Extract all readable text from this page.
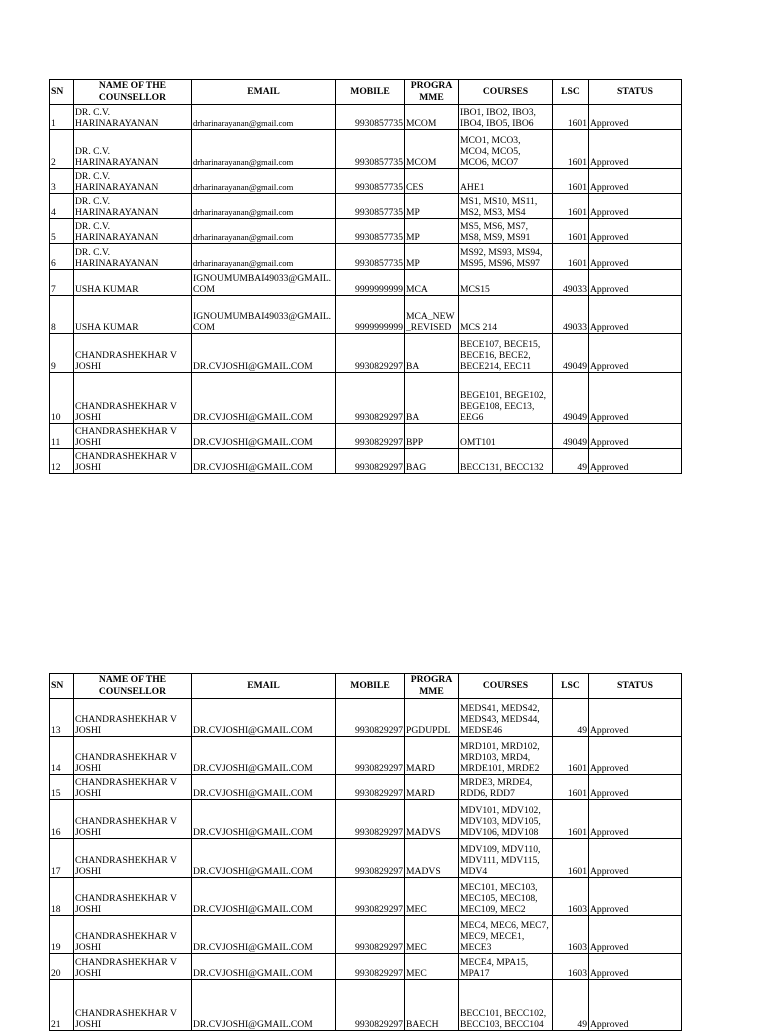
SN	NAME OF THE COUNSELLOR	EMAIL	MOBILE	PROGRA MME	COURSES	LSC	STATUS
1	DR. C.V. HARINARAYANAN	drharinarayanan@gmail.com	9930857735	MCOM	IBO1, IBO2, IBO3, IBO4, IBO5, IBO6	1601	Approved
2	DR. C.V. HARINARAYANAN	drharinarayanan@gmail.com	9930857735	MCOM	MCO1, MCO3, MCO4, MCO5, MCO6, MCO7	1601	Approved
3	DR. C.V. HARINARAYANAN	drharinarayanan@gmail.com	9930857735	CES	AHE1	1601	Approved
4	DR. C.V. HARINARAYANAN	drharinarayanan@gmail.com	9930857735	MP	MS1, MS10, MS11, MS2, MS3, MS4	1601	Approved
5	DR. C.V. HARINARAYANAN	drharinarayanan@gmail.com	9930857735	MP	MS5, MS6, MS7, MS8, MS9, MS91	1601	Approved
6	DR. C.V. HARINARAYANAN	drharinarayanan@gmail.com	9930857735	MP	MS92, MS93, MS94, MS95, MS96, MS97	1601	Approved
7	USHA KUMAR	IGNOUMUMBAI49033@GMAIL.COM	9999999999	MCA	MCS15	49033	Approved
8	USHA KUMAR	IGNOUMUMBAI49033@GMAIL.COM	9999999999	MCA_NEW_REVISED	MCS 214	49033	Approved
9	CHANDRASHEKHAR V JOSHI	DR.CVJOSHI@GMAIL.COM	9930829297	BA	BECE107, BECE15, BECE16, BECE2, BECE214, EEC11	49049	Approved
10	CHANDRASHEKHAR V JOSHI	DR.CVJOSHI@GMAIL.COM	9930829297	BA	BEGE101, BEGE102, BEGE108, EEC13, EEG6	49049	Approved
11	CHANDRASHEKHAR V JOSHI	DR.CVJOSHI@GMAIL.COM	9930829297	BPP	OMT101	49049	Approved
12	CHANDRASHEKHAR V JOSHI	DR.CVJOSHI@GMAIL.COM	9930829297	BAG	BECC131, BECC132	49	Approved
SN	NAME OF THE COUNSELLOR	EMAIL	MOBILE	PROGRA MME	COURSES	LSC	STATUS
13	CHANDRASHEKHAR V JOSHI	DR.CVJOSHI@GMAIL.COM	9930829297	PGDUPDL	MEDS41, MEDS42, MEDS43, MEDS44, MEDSE46	49	Approved
14	CHANDRASHEKHAR V JOSHI	DR.CVJOSHI@GMAIL.COM	9930829297	MARD	MRD101, MRD102, MRD103, MRD4, MRDE101, MRDE2	1601	Approved
15	CHANDRASHEKHAR V JOSHI	DR.CVJOSHI@GMAIL.COM	9930829297	MARD	MRDE3, MRDE4, RDD6, RDD7	1601	Approved
16	CHANDRASHEKHAR V JOSHI	DR.CVJOSHI@GMAIL.COM	9930829297	MADVS	MDV101, MDV102, MDV103, MDV105, MDV106, MDV108	1601	Approved
17	CHANDRASHEKHAR V JOSHI	DR.CVJOSHI@GMAIL.COM	9930829297	MADVS	MDV109, MDV110, MDV111, MDV115, MDV4	1601	Approved
18	CHANDRASHEKHAR V JOSHI	DR.CVJOSHI@GMAIL.COM	9930829297	MEC	MEC101, MEC103, MEC105, MEC108, MEC109, MEC2	1603	Approved
19	CHANDRASHEKHAR V JOSHI	DR.CVJOSHI@GMAIL.COM	9930829297	MEC	MEC4, MEC6, MEC7, MEC9, MECE1, MECE3	1603	Approved
20	CHANDRASHEKHAR V JOSHI	DR.CVJOSHI@GMAIL.COM	9930829297	MEC	MECE4, MPA15, MPA17	1603	Approved
21	CHANDRASHEKHAR V JOSHI	DR.CVJOSHI@GMAIL.COM	9930829297	BAECH	BECC101, BECC102, BECC103, BECC104	49	Approved
